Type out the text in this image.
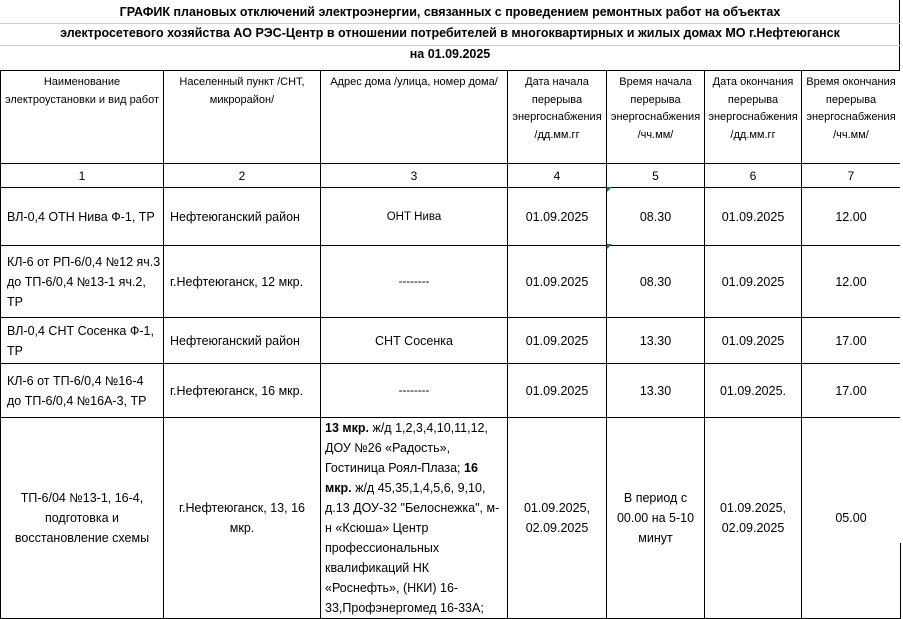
ГРАФИК плановых отключений электроэнергии, связанных с проведением ремонтных работ на объектах
электросетевого хозяйства АО РЭС-Центр в отношении потребителей в многоквартирных и жилых домах МО г.Нефтеюганск
на 01.09.2025
Наименование электроустановки и вид работ	Населенный пункт /СНТ, микрорайон/	Адрес дома /улица, номер дома/	Дата начала перерыва энергоснабжения /дд.мм.гг	Время начала перерыва энергоснабжения /чч.мм/	Дата окончания перерыва энергоснабжения /дд.мм.гг	Время окончания перерыва энергоснабжения /чч.мм/
1	2	3	4	5	6	7
ВЛ-0,4 ОТН Нива Ф-1, ТР	Нефтеюганский район	ОНТ Нива	01.09.2025	08.30	01.09.2025	12.00
КЛ-6 от РП-6/0,4 №12 яч.3 до ТП-6/0,4 №13-1 яч.2, ТР	г.Нефтеюганск, 12 мкр.	--------	01.09.2025	08.30	01.09.2025	12.00
ВЛ-0,4 СНТ Сосенка Ф-1, ТР	Нефтеюганский район	СНТ Сосенка	01.09.2025	13.30	01.09.2025	17.00
КЛ-6 от ТП-6/0,4 №16-4 до ТП-6/0,4 №16А-3, ТР	г.Нефтеюганск, 16 мкр.	--------	01.09.2025	13.30	01.09.2025.	17.00
ТП-6/04 №13-1, 16-4, подготовка и восстановление схемы	г.Нефтеюганск, 13, 16 мкр.	13 мкр. ж/д 1,2,3,4,10,11,12, ДОУ №26 «Радость», Гостиница Роял-Плаза; 16 мкр. ж/д 45,35,1,4,5,6, 9,10, д.13 ДОУ-32 "Белоснежка", м-н «Ксюша» Центр профессиональных квалификаций НК «Роснефть», (НКИ) 16-33,Профэнергомед 16-33А;	01.09.2025, 02.09.2025	В период с 00.00 на 5-10 минут	01.09.2025, 02.09.2025	05.00
